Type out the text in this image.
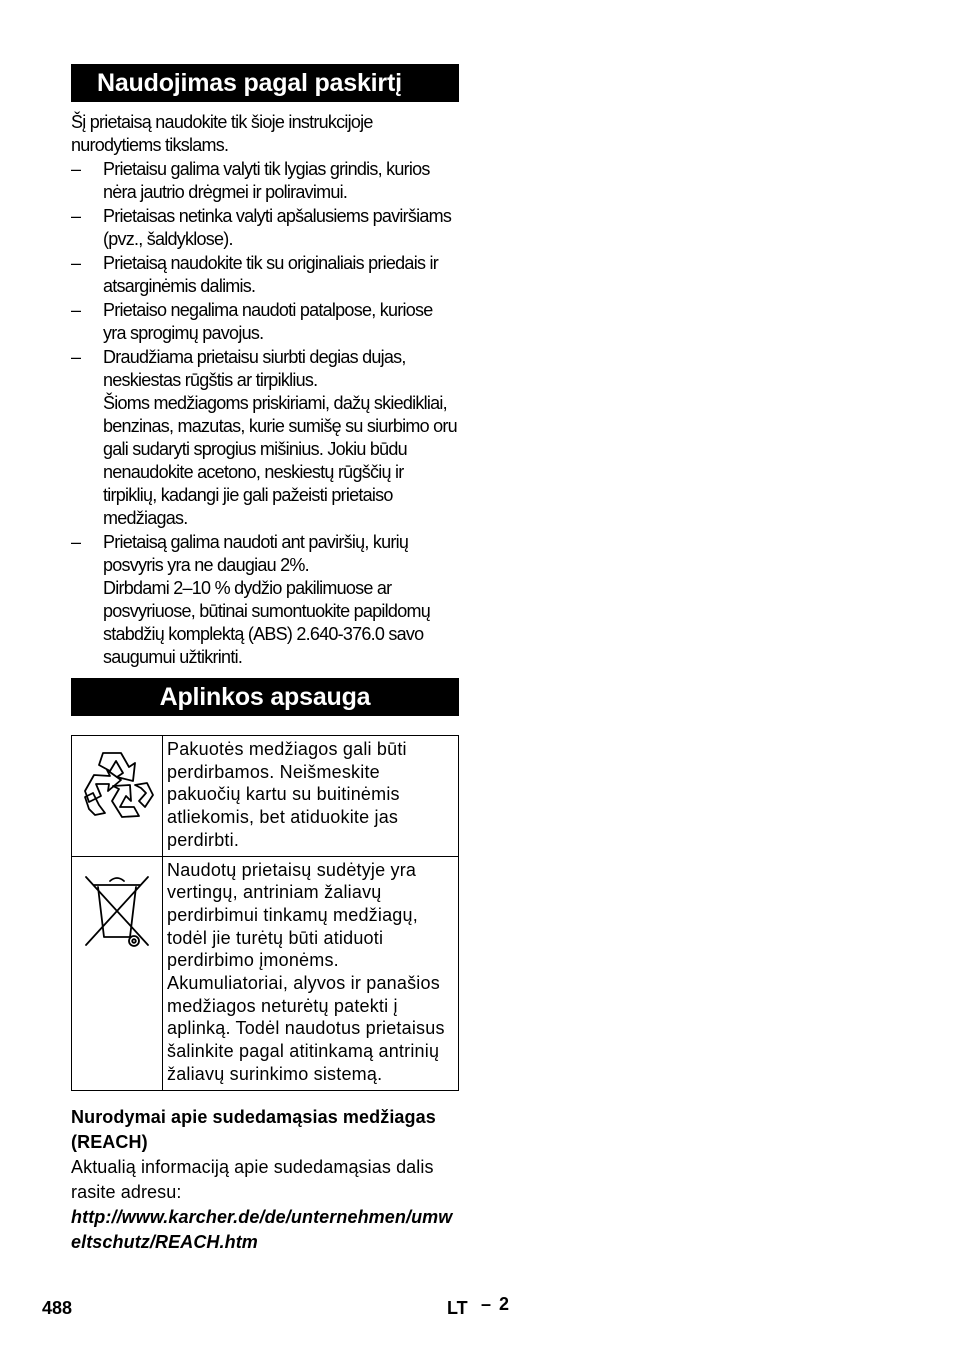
Naudojimas pagal paskirtį
Šį prietaisą naudokite tik šioje instrukcijoje nurodytiems tikslams.
– Prietaisu galima valyti tik lygias grindis, kurios nėra jautrio drėgmei ir poliravimui.
– Prietaisas netinka valyti apšalusiems paviršiams (pvz., šaldyklose).
– Prietaisą naudokite tik su originaliais priedais ir atsarginėmis dalimis.
– Prietaiso negalima naudoti patalpose, kuriose yra sprogimų pavojus.
– Draudžiama prietaisu siurbti degias dujas, neskiestas rūgštis ar tirpiklius.
Šioms medžiagoms priskiriami, dažų skiedikliai, benzinas, mazutas, kurie sumišę su siurbimo oru gali sudaryti sprogius mišinius. Jokiu būdu nenaudokite acetono, neskiestų rūgščių ir tirpiklių, kadangi jie gali pažeisti prietaiso medžiagas.
– Prietaisą galima naudoti ant paviršių, kurių posvyris yra ne daugiau 2%.
Dirbdami 2–10 % dydžio pakilimuose ar posvyriuose, būtinai sumontuokite papildomų stabdžių komplektą (ABS) 2.640-376.0 savo saugumui užtikrinti.
Aplinkos apsauga
	Pakuotės medžiagos gali būti perdirbamos. Neišmeskite pakuočių kartu su buitinėmis atliekomis, bet atiduokite jas perdirbti.

	Naudotų prietaisų sudėtyje yra vertingų, antriniam žaliavų perdirbimui tinkamų medžiagų, todėl jie turėtų būti atiduoti perdirbimo įmonėms. Akumuliatoriai, alyvos ir panašios medžiagos neturėtų patekti į aplinką. Todėl naudotus prietaisus šalinkite pagal atitinkamą antrinių žaliavų surinkimo sistemą.
Nurodymai apie sudedamąsias medžiagas (REACH)
Aktualią informaciją apie sudedamąsias dalis rasite adresu:
http://www.karcher.de/de/unternehmen/umweltschutz/REACH.htm
488	LT – 2
